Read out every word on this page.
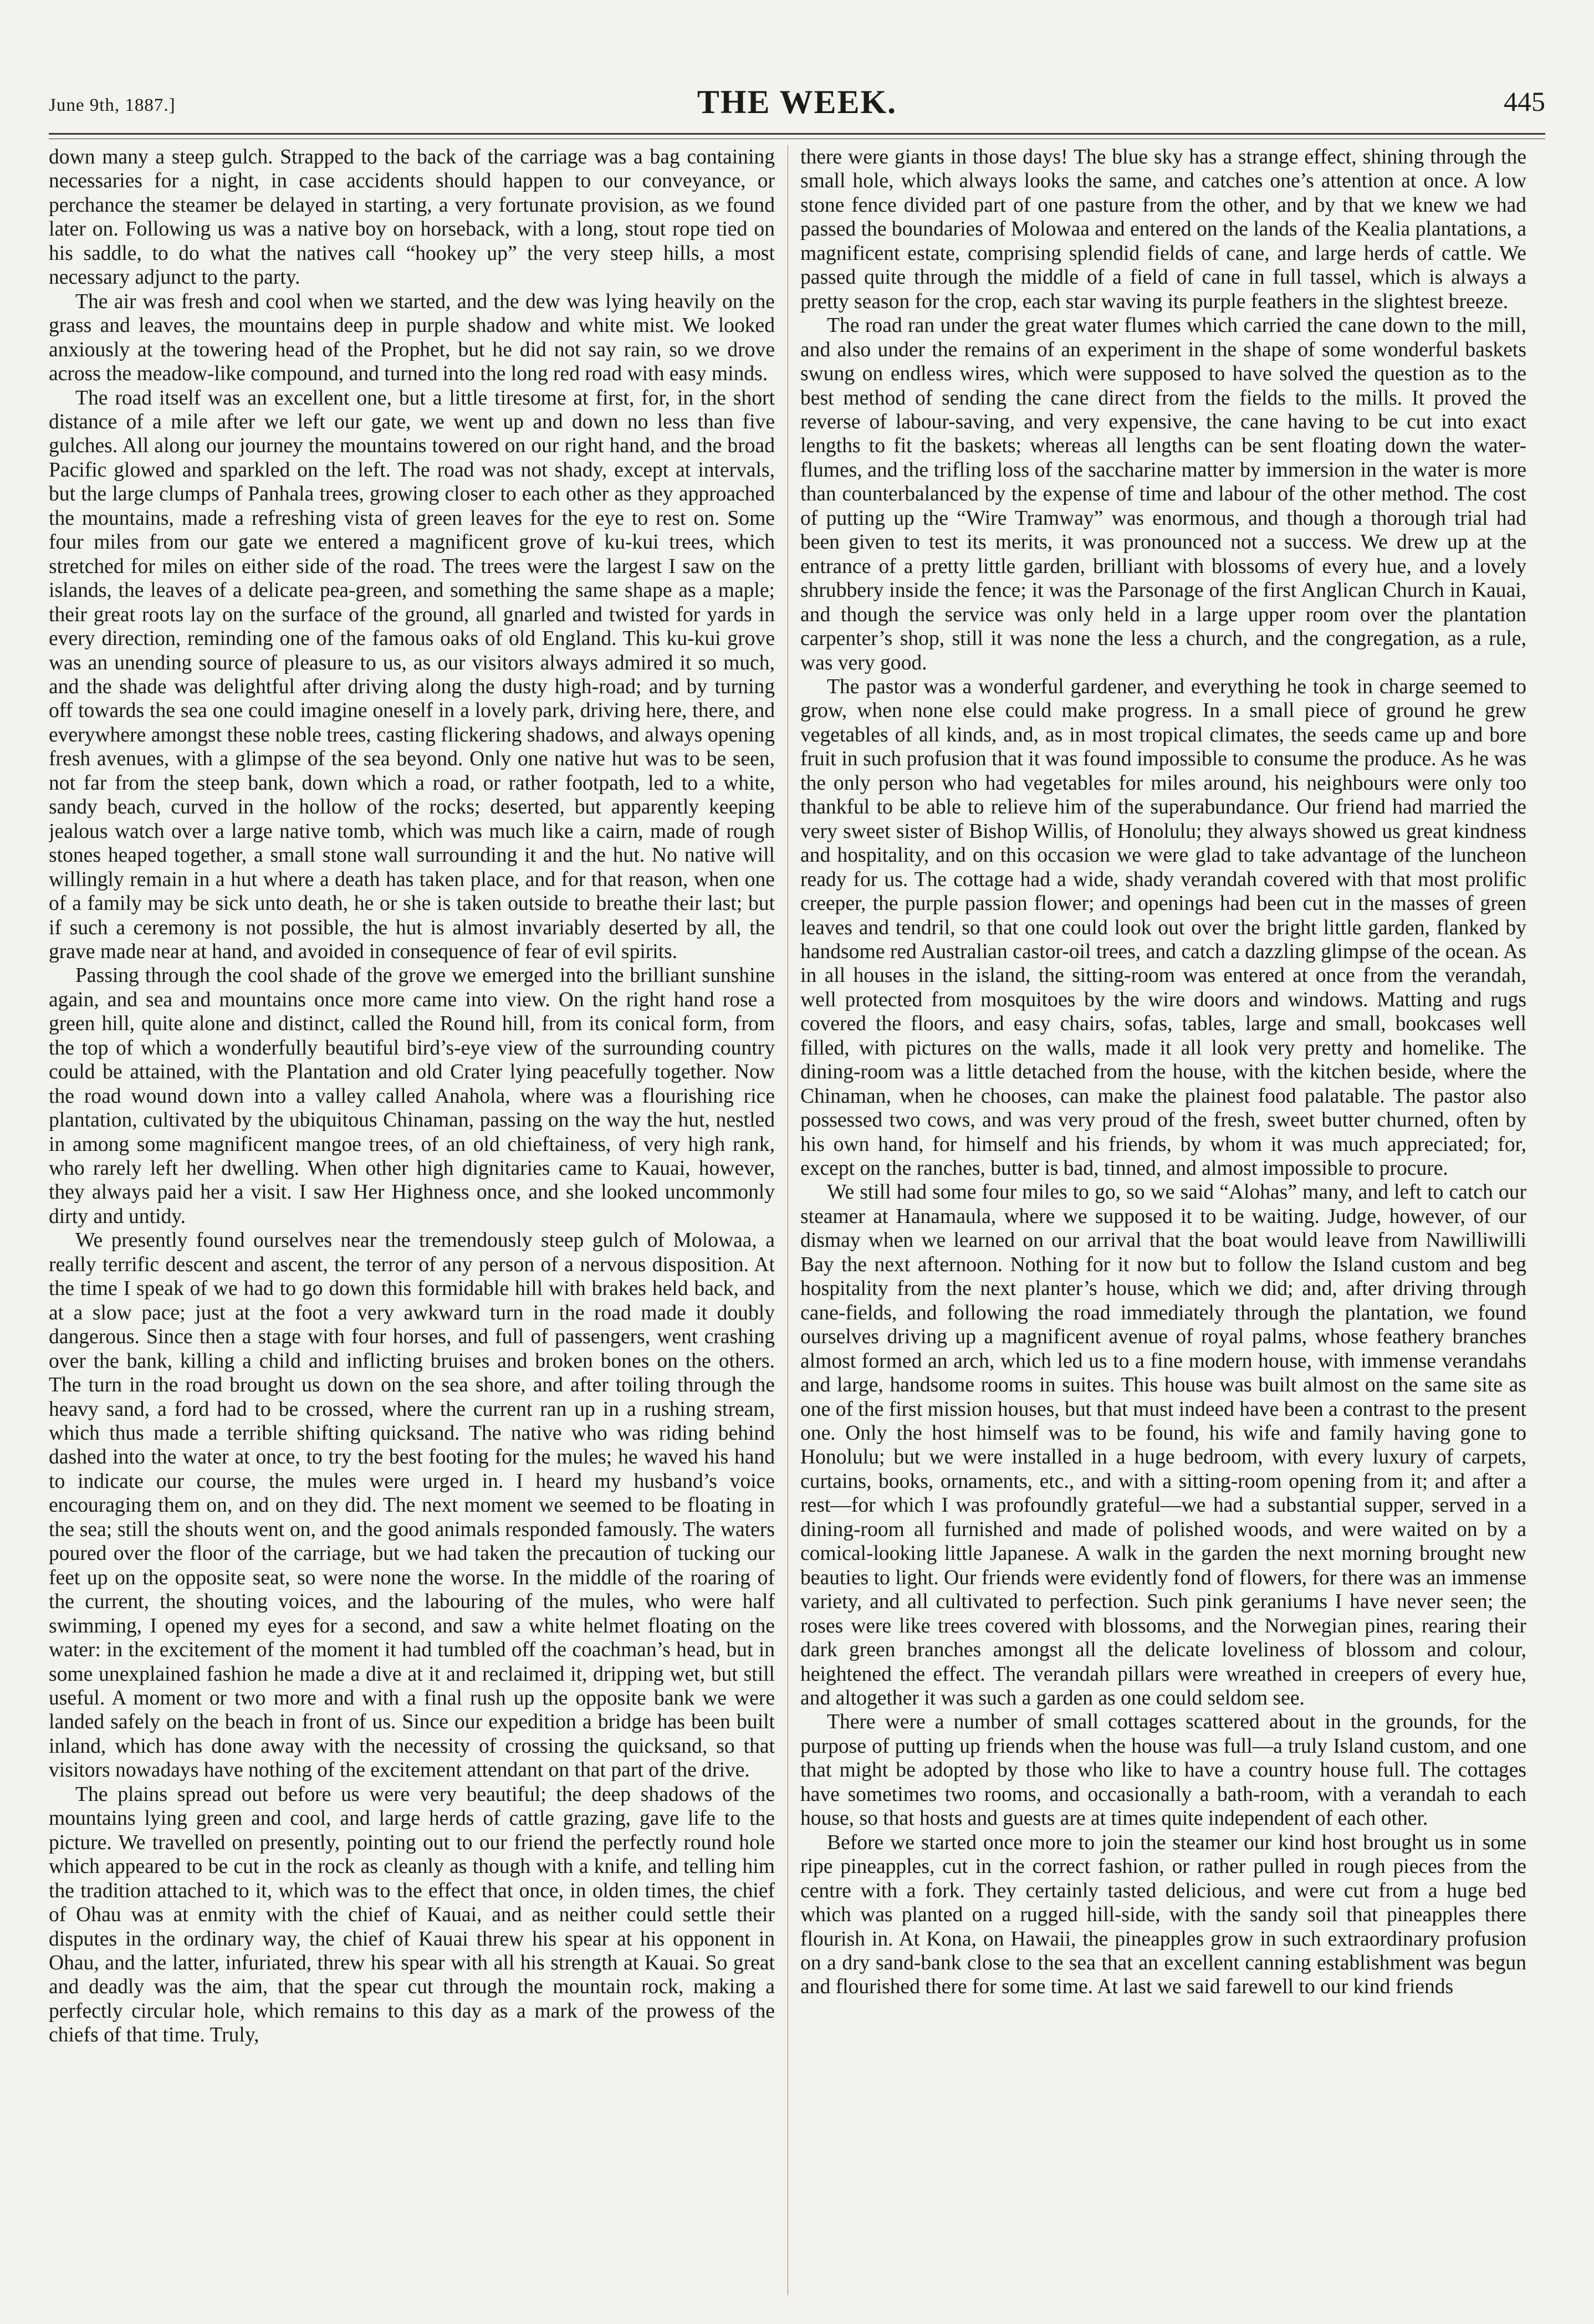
June 9th, 1887.]	THE WEEK.	445

down many a steep gulch. Strapped to the back of the carriage was a bag containing necessaries for a night, in case accidents should happen to our conveyance, or perchance the steamer be delayed in starting, a very fortunate provision, as we found later on. Following us was a native boy on horseback, with a long, stout rope tied on his saddle, to do what the natives call “hookey up” the very steep hills, a most necessary adjunct to the party.

The air was fresh and cool when we started, and the dew was lying heavily on the grass and leaves, the mountains deep in purple shadow and white mist. We looked anxiously at the towering head of the Prophet, but he did not say rain, so we drove across the meadow-like compound, and turned into the long red road with easy minds.

The road itself was an excellent one, but a little tiresome at first, for, in the short distance of a mile after we left our gate, we went up and down no less than five gulches. All along our journey the mountains towered on our right hand, and the broad Pacific glowed and sparkled on the left. The road was not shady, except at intervals, but the large clumps of Panhala trees, growing closer to each other as they approached the mountains, made a refreshing vista of green leaves for the eye to rest on. Some four miles from our gate we entered a magnificent grove of ku-kui trees, which stretched for miles on either side of the road. The trees were the largest I saw on the islands, the leaves of a delicate pea-green, and something the same shape as a maple; their great roots lay on the surface of the ground, all gnarled and twisted for yards in every direction, reminding one of the famous oaks of old England. This ku-kui grove was an unending source of pleasure to us, as our visitors always admired it so much, and the shade was delightful after driving along the dusty high-road; and by turning off towards the sea one could imagine oneself in a lovely park, driving here, there, and everywhere amongst these noble trees, casting flickering shadows, and always opening fresh avenues, with a glimpse of the sea beyond. Only one native hut was to be seen, not far from the steep bank, down which a road, or rather footpath, led to a white, sandy beach, curved in the hollow of the rocks; deserted, but apparently keeping jealous watch over a large native tomb, which was much like a cairn, made of rough stones heaped together, a small stone wall surrounding it and the hut. No native will willingly remain in a hut where a death has taken place, and for that reason, when one of a family may be sick unto death, he or she is taken outside to breathe their last; but if such a ceremony is not possible, the hut is almost invariably deserted by all, the grave made near at hand, and avoided in consequence of fear of evil spirits.

Passing through the cool shade of the grove we emerged into the brilliant sunshine again, and sea and mountains once more came into view. On the right hand rose a green hill, quite alone and distinct, called the Round hill, from its conical form, from the top of which a wonderfully beautiful bird’s-eye view of the surrounding country could be attained, with the Plantation and old Crater lying peacefully together. Now the road wound down into a valley called Anahola, where was a flourishing rice plantation, cultivated by the ubiquitous Chinaman, passing on the way the hut, nestled in among some magnificent mangoe trees, of an old chieftainess, of very high rank, who rarely left her dwelling. When other high dignitaries came to Kauai, however, they always paid her a visit. I saw Her Highness once, and she looked uncommonly dirty and untidy.

We presently found ourselves near the tremendously steep gulch of Molowaa, a really terrific descent and ascent, the terror of any person of a nervous disposition. At the time I speak of we had to go down this formidable hill with brakes held back, and at a slow pace; just at the foot a very awkward turn in the road made it doubly dangerous. Since then a stage with four horses, and full of passengers, went crashing over the bank, killing a child and inflicting bruises and broken bones on the others. The turn in the road brought us down on the sea shore, and after toiling through the heavy sand, a ford had to be crossed, where the current ran up in a rushing stream, which thus made a terrible shifting quicksand. The native who was riding behind dashed into the water at once, to try the best footing for the mules; he waved his hand to indicate our course, the mules were urged in. I heard my husband’s voice encouraging them on, and on they did. The next moment we seemed to be floating in the sea; still the shouts went on, and the good animals responded famously. The waters poured over the floor of the carriage, but we had taken the precaution of tucking our feet up on the opposite seat, so were none the worse. In the middle of the roaring of the current, the shouting voices, and the labouring of the mules, who were half swimming, I opened my eyes for a second, and saw a white helmet floating on the water: in the excitement of the moment it had tumbled off the coachman’s head, but in some unexplained fashion he made a dive at it and reclaimed it, dripping wet, but still useful. A moment or two more and with a final rush up the opposite bank we were landed safely on the beach in front of us. Since our expedition a bridge has been built inland, which has done away with the necessity of crossing the quicksand, so that visitors nowadays have nothing of the excitement attendant on that part of the drive.

The plains spread out before us were very beautiful; the deep shadows of the mountains lying green and cool, and large herds of cattle grazing, gave life to the picture. We travelled on presently, pointing out to our friend the perfectly round hole which appeared to be cut in the rock as cleanly as though with a knife, and telling him the tradition attached to it, which was to the effect that once, in olden times, the chief of Ohau was at enmity with the chief of Kauai, and as neither could settle their disputes in the ordinary way, the chief of Kauai threw his spear at his opponent in Ohau, and the latter, infuriated, threw his spear with all his strength at Kauai. So great and deadly was the aim, that the spear cut through the mountain rock, making a perfectly circular hole, which remains to this day as a mark of the prowess of the chiefs of that time. Truly,

there were giants in those days! The blue sky has a strange effect, shining through the small hole, which always looks the same, and catches one’s attention at once. A low stone fence divided part of one pasture from the other, and by that we knew we had passed the boundaries of Molowaa and entered on the lands of the Kealia plantations, a magnificent estate, comprising splendid fields of cane, and large herds of cattle. We passed quite through the middle of a field of cane in full tassel, which is always a pretty season for the crop, each star waving its purple feathers in the slightest breeze.

The road ran under the great water flumes which carried the cane down to the mill, and also under the remains of an experiment in the shape of some wonderful baskets swung on endless wires, which were supposed to have solved the question as to the best method of sending the cane direct from the fields to the mills. It proved the reverse of labour-saving, and very expensive, the cane having to be cut into exact lengths to fit the baskets; whereas all lengths can be sent floating down the water-flumes, and the trifling loss of the saccharine matter by immersion in the water is more than counterbalanced by the expense of time and labour of the other method. The cost of putting up the “Wire Tramway” was enormous, and though a thorough trial had been given to test its merits, it was pronounced not a success. We drew up at the entrance of a pretty little garden, brilliant with blossoms of every hue, and a lovely shrubbery inside the fence; it was the Parsonage of the first Anglican Church in Kauai, and though the service was only held in a large upper room over the plantation carpenter’s shop, still it was none the less a church, and the congregation, as a rule, was very good.

The pastor was a wonderful gardener, and everything he took in charge seemed to grow, when none else could make progress. In a small piece of ground he grew vegetables of all kinds, and, as in most tropical climates, the seeds came up and bore fruit in such profusion that it was found impossible to consume the produce. As he was the only person who had vegetables for miles around, his neighbours were only too thankful to be able to relieve him of the superabundance. Our friend had married the very sweet sister of Bishop Willis, of Honolulu; they always showed us great kindness and hospitality, and on this occasion we were glad to take advantage of the luncheon ready for us. The cottage had a wide, shady verandah covered with that most prolific creeper, the purple passion flower; and openings had been cut in the masses of green leaves and tendril, so that one could look out over the bright little garden, flanked by handsome red Australian castor-oil trees, and catch a dazzling glimpse of the ocean. As in all houses in the island, the sitting-room was entered at once from the verandah, well protected from mosquitoes by the wire doors and windows. Matting and rugs covered the floors, and easy chairs, sofas, tables, large and small, bookcases well filled, with pictures on the walls, made it all look very pretty and homelike. The dining-room was a little detached from the house, with the kitchen beside, where the Chinaman, when he chooses, can make the plainest food palatable. The pastor also possessed two cows, and was very proud of the fresh, sweet butter churned, often by his own hand, for himself and his friends, by whom it was much appreciated; for, except on the ranches, butter is bad, tinned, and almost impossible to procure.

We still had some four miles to go, so we said “Alohas” many, and left to catch our steamer at Hanamaula, where we supposed it to be waiting. Judge, however, of our dismay when we learned on our arrival that the boat would leave from Nawilliwilli Bay the next afternoon. Nothing for it now but to follow the Island custom and beg hospitality from the next planter’s house, which we did; and, after driving through cane-fields, and following the road immediately through the plantation, we found ourselves driving up a magnificent avenue of royal palms, whose feathery branches almost formed an arch, which led us to a fine modern house, with immense verandahs and large, handsome rooms in suites. This house was built almost on the same site as one of the first mission houses, but that must indeed have been a contrast to the present one. Only the host himself was to be found, his wife and family having gone to Honolulu; but we were installed in a huge bedroom, with every luxury of carpets, curtains, books, ornaments, etc., and with a sitting-room opening from it; and after a rest—for which I was profoundly grateful—we had a substantial supper, served in a dining-room all furnished and made of polished woods, and were waited on by a comical-looking little Japanese. A walk in the garden the next morning brought new beauties to light. Our friends were evidently fond of flowers, for there was an immense variety, and all cultivated to perfection. Such pink geraniums I have never seen; the roses were like trees covered with blossoms, and the Norwegian pines, rearing their dark green branches amongst all the delicate loveliness of blossom and colour, heightened the effect. The verandah pillars were wreathed in creepers of every hue, and altogether it was such a garden as one could seldom see.

There were a number of small cottages scattered about in the grounds, for the purpose of putting up friends when the house was full—a truly Island custom, and one that might be adopted by those who like to have a country house full. The cottages have sometimes two rooms, and occasionally a bath-room, with a verandah to each house, so that hosts and guests are at times quite independent of each other.

Before we started once more to join the steamer our kind host brought us in some ripe pineapples, cut in the correct fashion, or rather pulled in rough pieces from the centre with a fork. They certainly tasted delicious, and were cut from a huge bed which was planted on a rugged hill-side, with the sandy soil that pineapples there flourish in. At Kona, on Hawaii, the pineapples grow in such extraordinary profusion on a dry sand-bank close to the sea that an excellent canning establishment was begun and flourished there for some time. At last we said farewell to our kind friends
